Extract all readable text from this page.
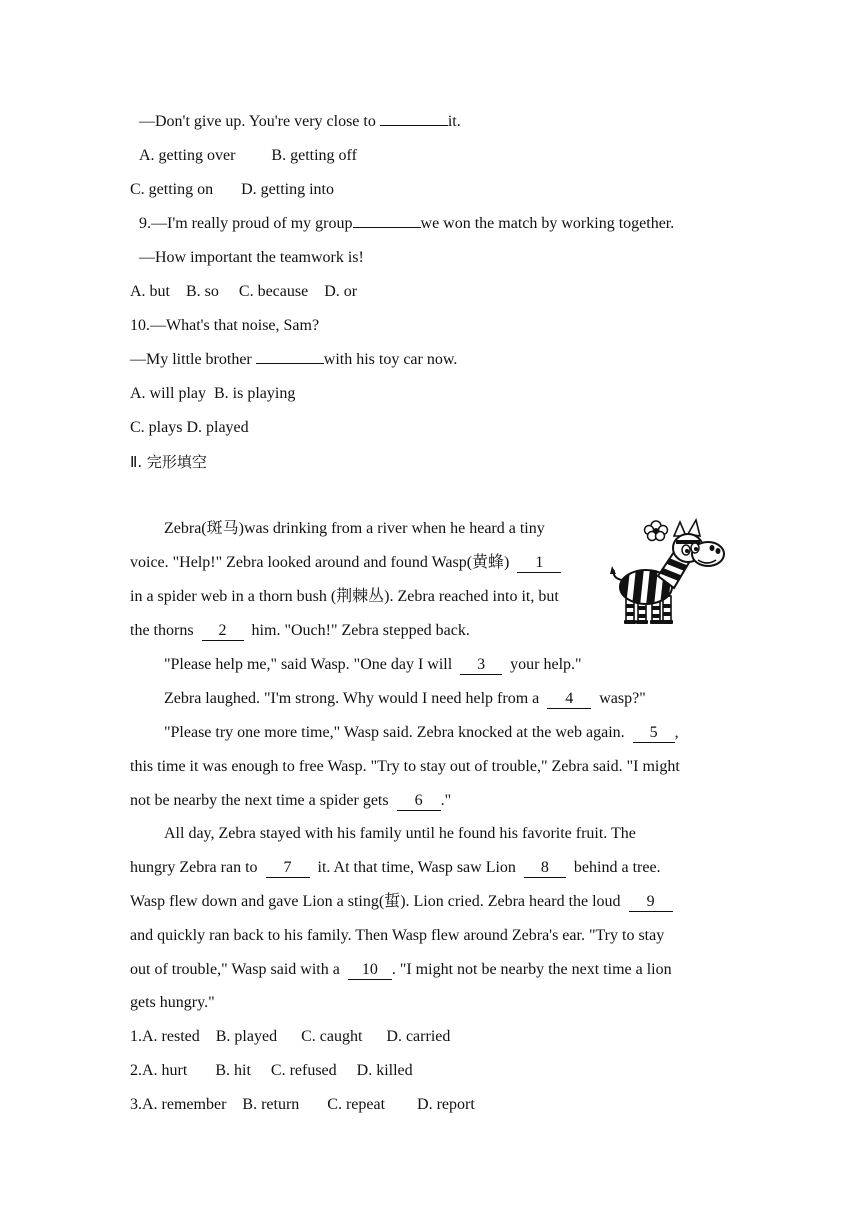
—Don't give up. You're very close to	it.
A. getting over         B. getting off
C. getting on       D. getting into
9.—I'm really proud of my group	we won the match by working together.
—How important the teamwork is!
A. but    B. so     C. because    D. or
10.—What's that noise, Sam?
—My little brother	with his toy car now.
A. will play  B. is playing
C. plays D. played
Ⅱ. 完形填空
Zebra(斑马)was drinking from a river when he heard a tiny
voice. "Help!" Zebra looked around and found Wasp(黄蜂)  1
in a spider web in a thorn bush (荆棘丛). Zebra reached into it, but
the thorns  2  him. "Ouch!" Zebra stepped back.
"Please help me," said Wasp. "One day I will  3  your help."
Zebra laughed. "I'm strong. Why would I need help from a  4  wasp?"
"Please try one more time," Wasp said. Zebra knocked at the web again.  5 ,
this time it was enough to free Wasp. "Try to stay out of trouble," Zebra said. "I might
not be nearby the next time a spider gets  6 ."
All day, Zebra stayed with his family until he found his favorite fruit. The
hungry Zebra ran to  7  it. At that time, Wasp saw Lion  8  behind a tree.
Wasp flew down and gave Lion a sting(蜇). Lion cried. Zebra heard the loud  9
and quickly ran back to his family. Then Wasp flew around Zebra's ear. "Try to stay
out of trouble," Wasp said with a  10 . "I might not be nearby the next time a lion
gets hungry."
1.A. rested    B. played      C. caught      D. carried
2.A. hurt       B. hit     C. refused     D. killed
3.A. remember    B. return       C. repeat        D. report
